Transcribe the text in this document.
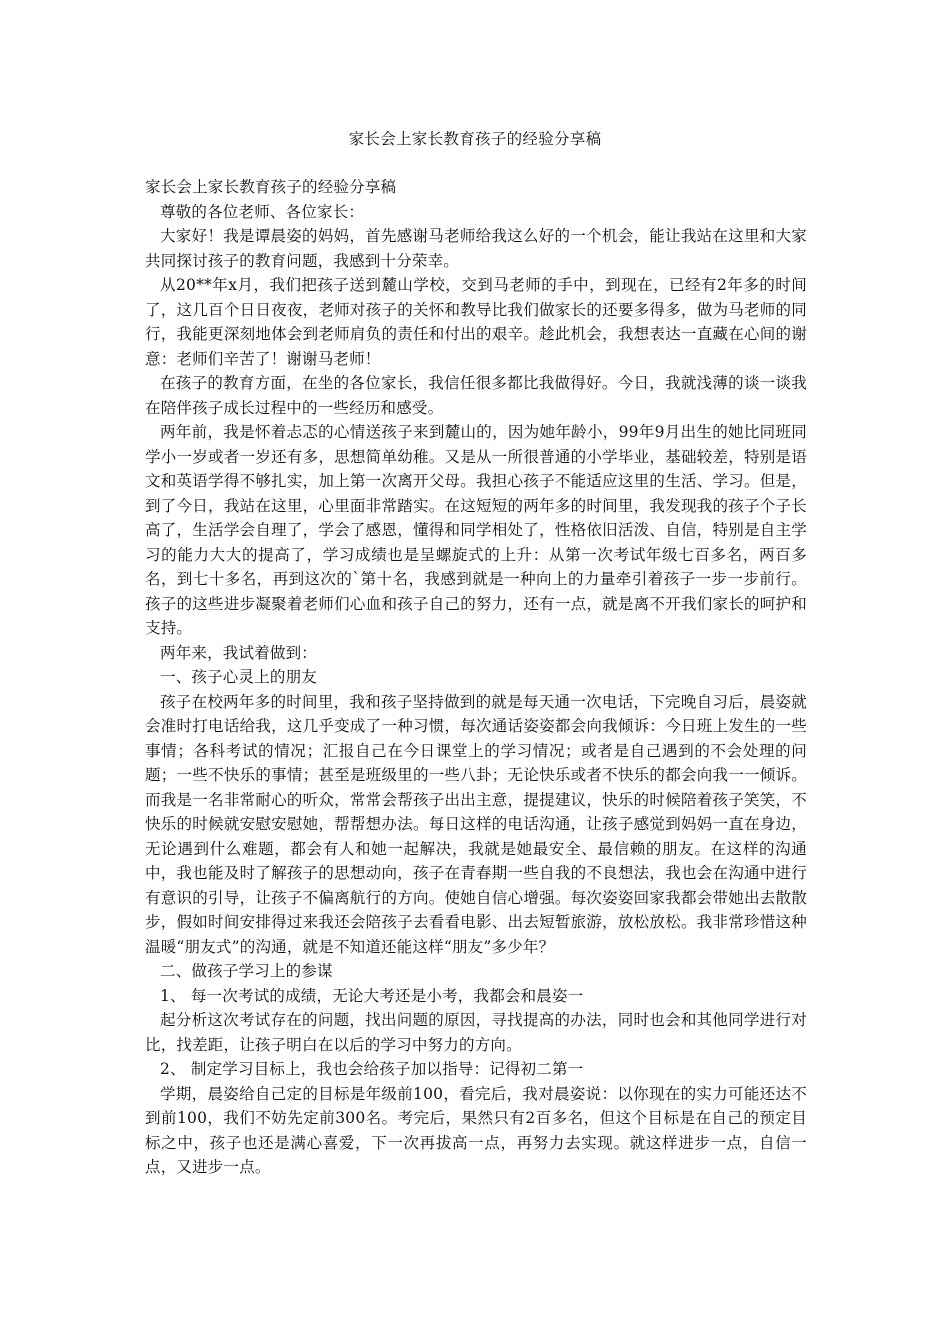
家长会上家长教育孩子的经验分享稿

家长会上家长教育孩子的经验分享稿

尊敬的各位老师、各位家长：

大家好！我是谭晨姿的妈妈，首先感谢马老师给我这么好的一个机会，能让我站在这里和大家共同探讨孩子的教育问题，我感到十分荣幸。

从20**年x月，我们把孩子送到麓山学校，交到马老师的手中，到现在，已经有2年多的时间了，这几百个日日夜夜，老师对孩子的关怀和教导比我们做家长的还要多得多，做为马老师的同行，我能更深刻地体会到老师肩负的责任和付出的艰辛。趁此机会，我想表达一直藏在心间的谢意：老师们辛苦了！谢谢马老师！

在孩子的教育方面，在坐的各位家长，我信任很多都比我做得好。今日，我就浅薄的谈一谈我在陪伴孩子成长过程中的一些经历和感受。

两年前，我是怀着忐忑的心情送孩子来到麓山的，因为她年龄小，99年9月出生的她比同班同学小一岁或者一岁还有多，思想简单幼稚。又是从一所很普通的小学毕业，基础较差，特别是语文和英语学得不够扎实，加上第一次离开父母。我担心孩子不能适应这里的生活、学习。但是，到了今日，我站在这里，心里面非常踏实。在这短短的两年多的时间里，我发现我的孩子个子长高了，生活学会自理了，学会了感恩，懂得和同学相处了，性格依旧活泼、自信，特别是自主学习的能力大大的提高了，学习成绩也是呈螺旋式的上升：从第一次考试年级七百多名，两百多名，到七十多名，再到这次的`第十名，我感到就是一种向上的力量牵引着孩子一步一步前行。孩子的这些进步凝聚着老师们心血和孩子自己的努力，还有一点，就是离不开我们家长的呵护和支持。

两年来，我试着做到：

一、孩子心灵上的朋友

孩子在校两年多的时间里，我和孩子坚持做到的就是每天通一次电话，下完晚自习后，晨姿就会准时打电话给我，这几乎变成了一种习惯，每次通话姿姿都会向我倾诉：今日班上发生的一些事情；各科考试的情况；汇报自己在今日课堂上的学习情况；或者是自己遇到的不会处理的问题；一些不快乐的事情；甚至是班级里的一些八卦；无论快乐或者不快乐的都会向我一一倾诉。而我是一名非常耐心的听众，常常会帮孩子出出主意，提提建议，快乐的时候陪着孩子笑笑，不快乐的时候就安慰安慰她，帮帮想办法。每日这样的电话沟通，让孩子感觉到妈妈一直在身边，无论遇到什么难题，都会有人和她一起解决，我就是她最安全、最信赖的朋友。在这样的沟通中，我也能及时了解孩子的思想动向，孩子在青春期一些自我的不良想法，我也会在沟通中进行有意识的引导，让孩子不偏离航行的方向。使她自信心增强。每次姿姿回家我都会带她出去散散步，假如时间安排得过来我还会陪孩子去看看电影、出去短暂旅游，放松放松。我非常珍惜这种温暖“朋友式”的沟通，就是不知道还能这样“朋友”多少年？

二、做孩子学习上的参谋

1、 每一次考试的成绩，无论大考还是小考，我都会和晨姿一

起分析这次考试存在的问题，找出问题的原因，寻找提高的办法，同时也会和其他同学进行对比，找差距，让孩子明白在以后的学习中努力的方向。

2、 制定学习目标上，我也会给孩子加以指导：记得初二第一

学期，晨姿给自己定的目标是年级前100，看完后，我对晨姿说：以你现在的实力可能还达不到前100，我们不妨先定前300名。考完后，果然只有2百多名，但这个目标是在自己的预定目标之中，孩子也还是满心喜爱，下一次再拔高一点，再努力去实现。就这样进步一点，自信一点，又进步一点。
